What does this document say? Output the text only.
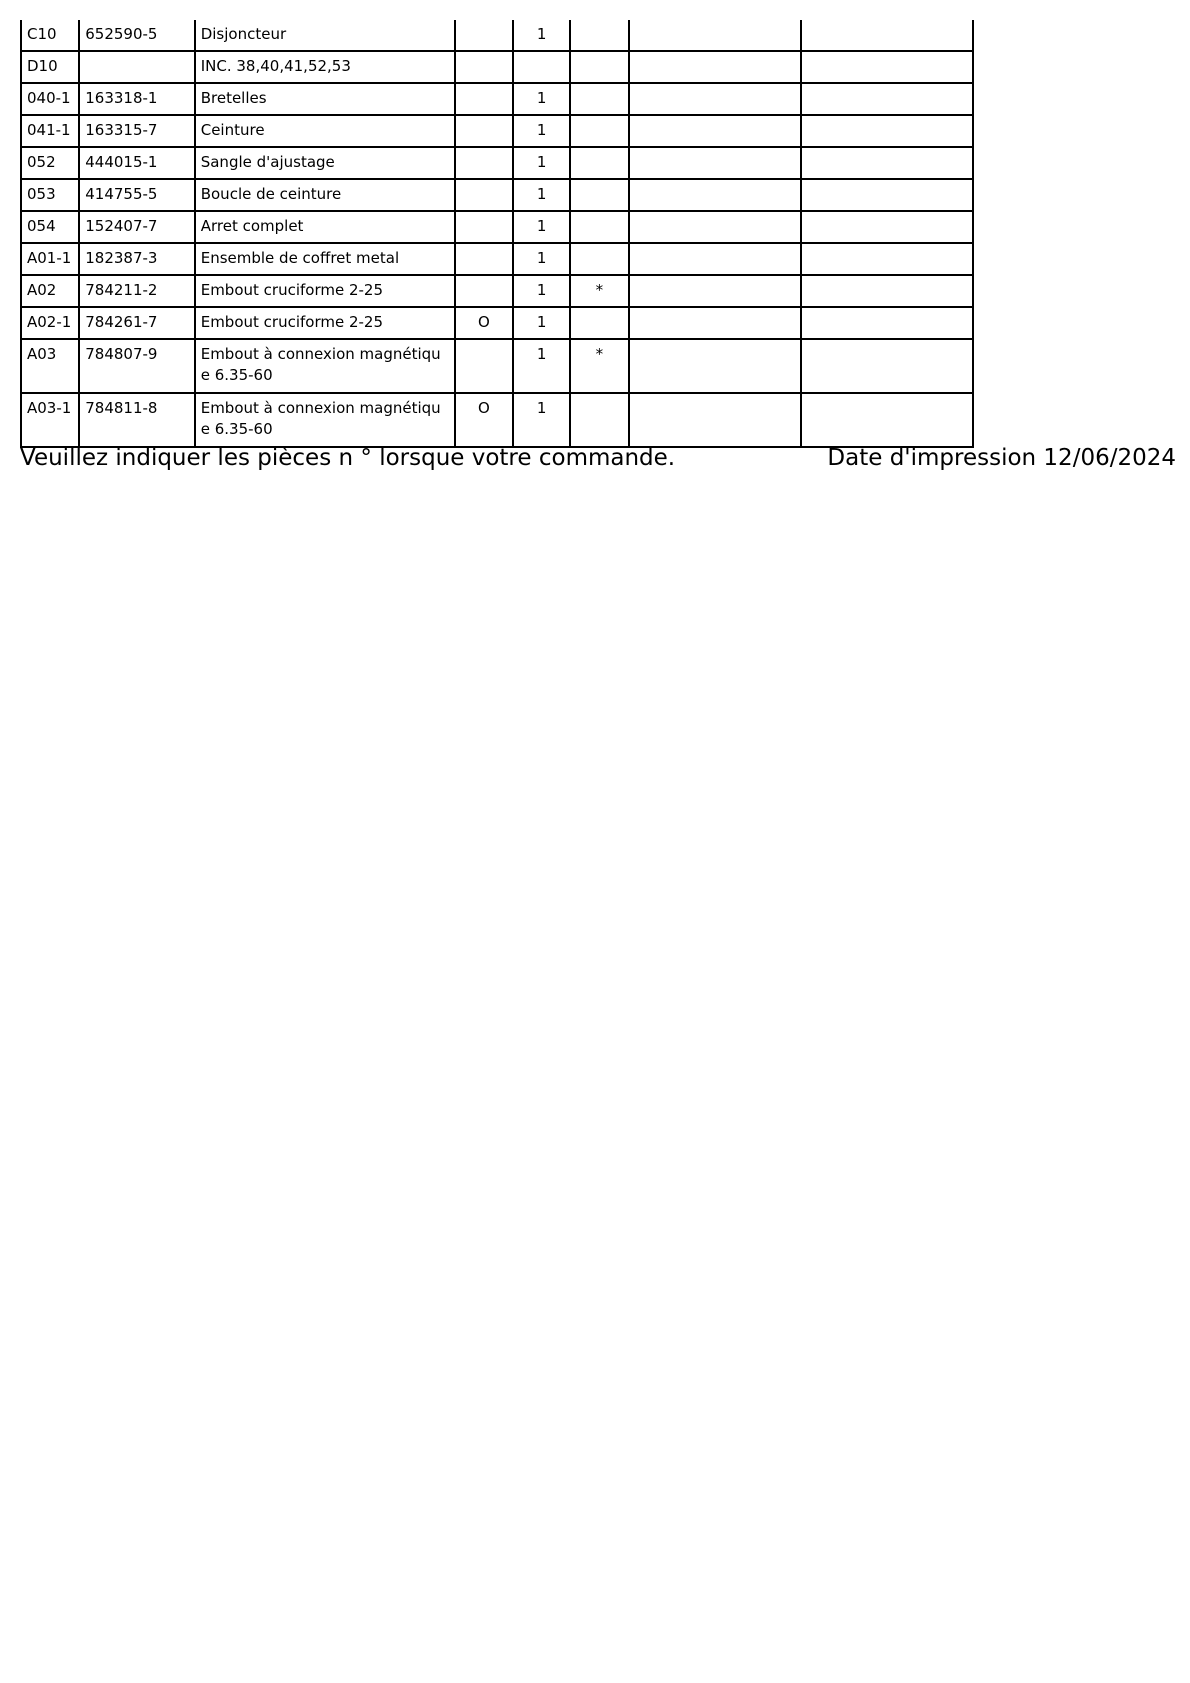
C10	652590-5	Disjoncteur		1			
D10		INC. 38,40,41,52,53					
040-1	163318-1	Bretelles		1			
041-1	163315-7	Ceinture		1			
052	444015-1	Sangle d'ajustage		1			
053	414755-5	Boucle de ceinture		1			
054	152407-7	Arret complet		1			
A01-1	182387-3	Ensemble de coffret metal		1			
A02	784211-2	Embout cruciforme 2-25		1	*		
A02-1	784261-7	Embout cruciforme 2-25	O	1			
A03	784807-9	Embout à connexion magnétiqu e 6.35-60		1	*		
A03-1	784811-8	Embout à connexion magnétiqu e 6.35-60	O	1			
Veuillez indiquer les pièces n ° lorsque votre commande.	Date d'impression 12/06/2024
